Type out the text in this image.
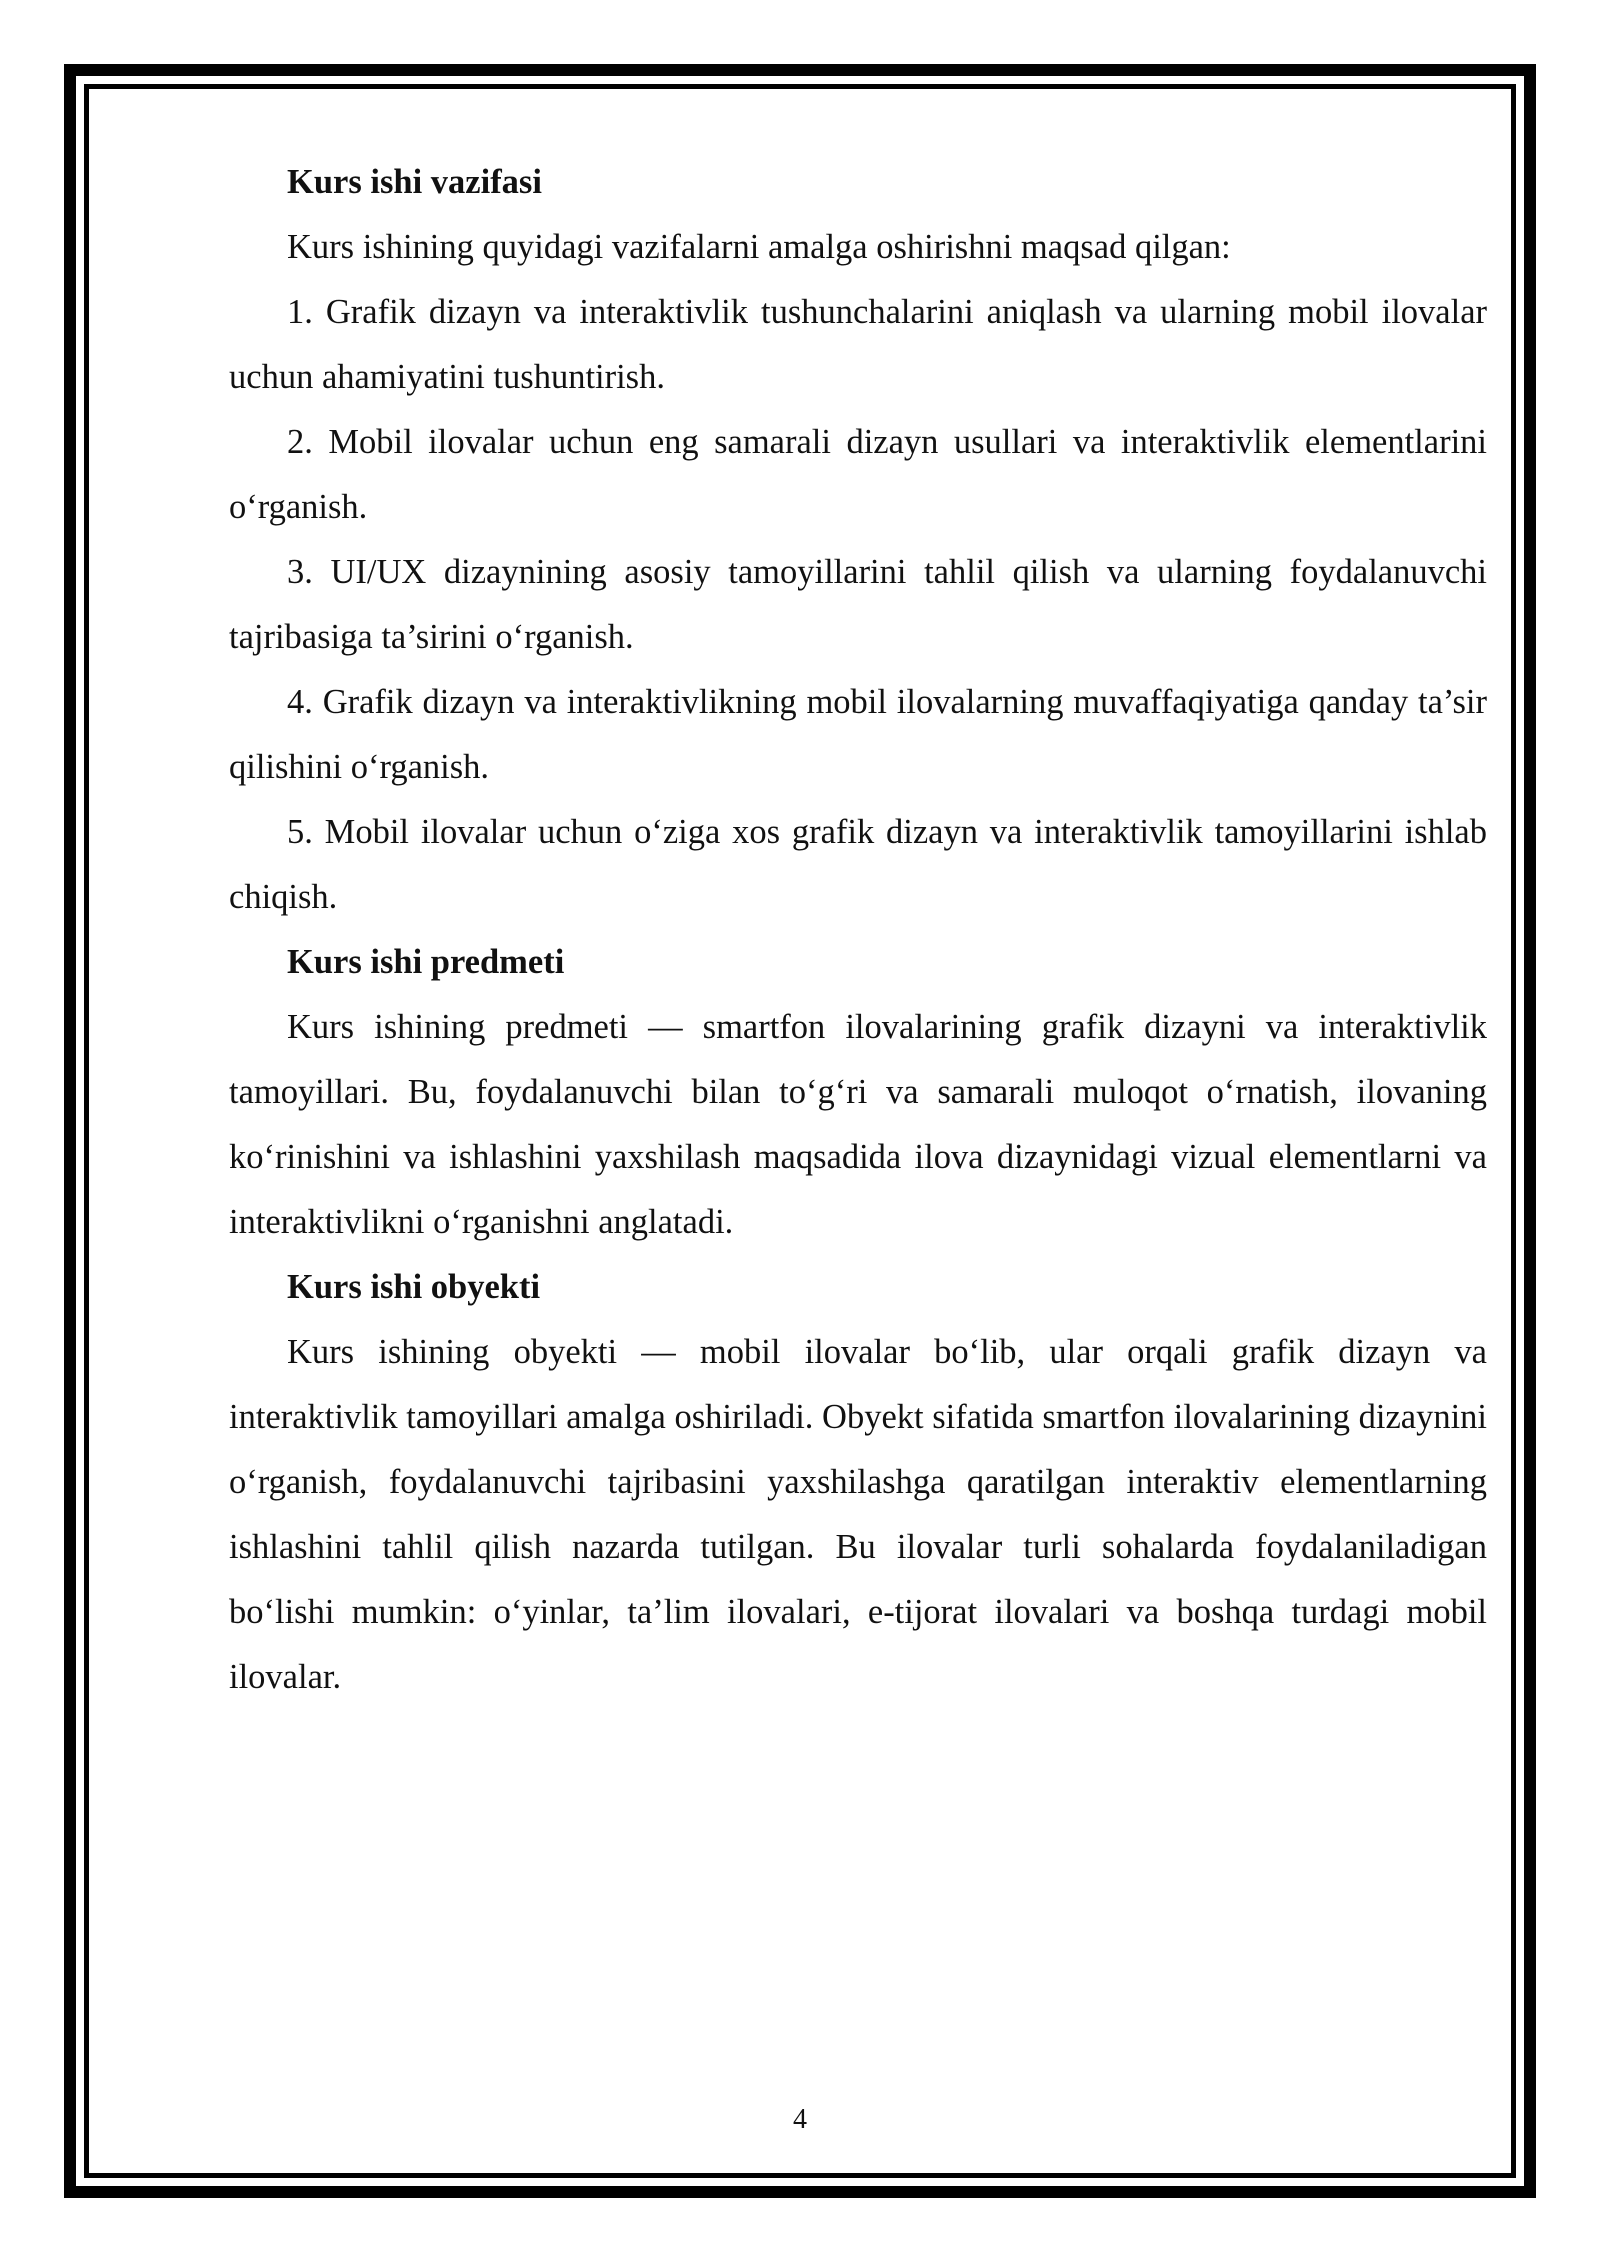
Kurs ishi vazifasi

Kurs ishining quyidagi vazifalarni amalga oshirishni maqsad qilgan:

1. Grafik dizayn va interaktivlik tushunchalarini aniqlash va ularning mobil ilovalar uchun ahamiyatini tushuntirish.

2. Mobil ilovalar uchun eng samarali dizayn usullari va interaktivlik elementlarini o‘rganish.

3. UI/UX dizaynining asosiy tamoyillarini tahlil qilish va ularning foydalanuvchi tajribasiga ta’sirini o‘rganish.

4. Grafik dizayn va interaktivlikning mobil ilovalarning muvaffaqiyatiga qanday ta’sir qilishini o‘rganish.

5. Mobil ilovalar uchun o‘ziga xos grafik dizayn va interaktivlik tamoyillarini ishlab chiqish.

Kurs ishi predmeti

Kurs ishining predmeti — smartfon ilovalarining grafik dizayni va interaktivlik tamoyillari. Bu, foydalanuvchi bilan to‘g‘ri va samarali muloqot o‘rnatish, ilovaning ko‘rinishini va ishlashini yaxshilash maqsadida ilova dizaynidagi vizual elementlarni va interaktivlikni o‘rganishni anglatadi.

Kurs ishi obyekti

Kurs ishining obyekti — mobil ilovalar bo‘lib, ular orqali grafik dizayn va interaktivlik tamoyillari amalga oshiriladi. Obyekt sifatida smartfon ilovalarining dizaynini o‘rganish, foydalanuvchi tajribasini yaxshilashga qaratilgan interaktiv elementlarning ishlashini tahlil qilish nazarda tutilgan. Bu ilovalar turli sohalarda foydalaniladigan bo‘lishi mumkin: o‘yinlar, ta’lim ilovalari, e-tijorat ilovalari va boshqa turdagi mobil ilovalar.

4
